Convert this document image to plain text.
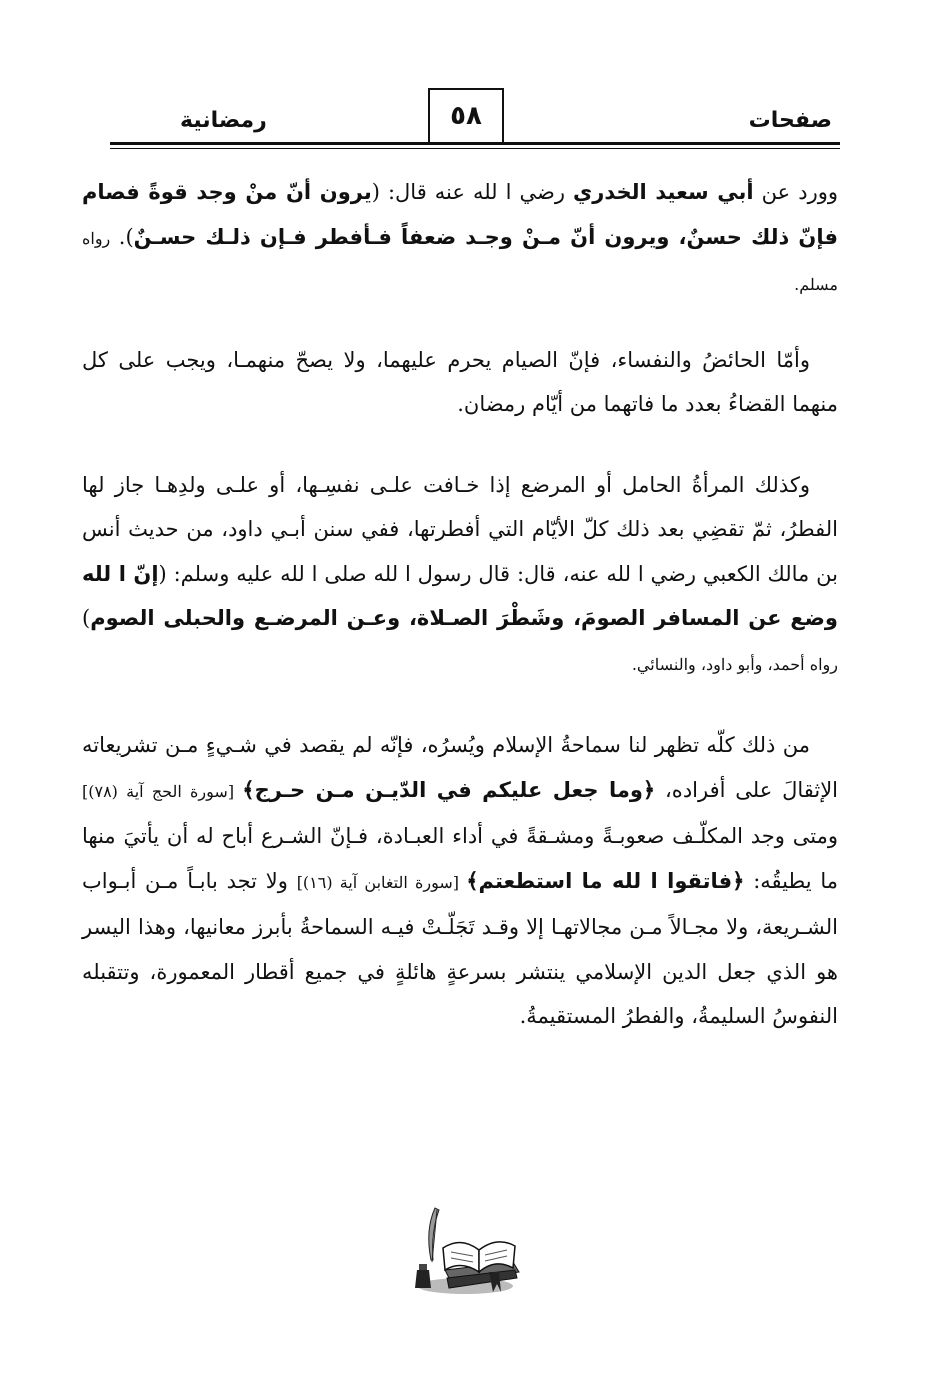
صفحات
٥٨
رمضانية

وورد عن أبي سعيد الخدري رضي ا لله عنه قال: (يرون أنّ منْ وجد قوةً فصام فإنّ ذلك حسنٌ، ويرون أنّ مـنْ وجـد ضعفاً فـأفطر فـإن ذلـك حسـنٌ). رواه مسلم.

وأمّا الحائضُ والنفساء، فإنّ الصيام يحرم عليهما، ولا يصحّ منهمـا، ويجب على كل منهما القضاءُ بعدد ما فاتهما من أيّام رمضان.

وكذلك المرأةُ الحامل أو المرضع إذا خـافت علـى نفسِـها، أو علـى ولدِهـا جاز لها الفطرُ، ثمّ تقضِي بعد ذلك كلّ الأيّام التي أفطرتها، ففي سنن أبـي داود، من حديث أنس بن مالك الكعبي رضي ا لله عنه، قال: قال رسول ا لله صلى ا لله عليه وسلم: (إنّ ا لله وضع عن المسافر الصومَ، وشَطْرَ الصـلاة، وعـن المرضـع والحبلى الصوم) رواه أحمد، وأبو داود، والنسائي.

من ذلك كلّه تظهر لنا سماحةُ الإسلام ويُسرُه، فإنّه لم يقصد في شـيءٍ مـن تشريعاته الإثقالَ على أفراده، ﴿وما جعل عليكم في الدّيـن مـن حـرج﴾ [سورة الحج آية (٧٨)] ومتى وجد المكلّـف صعوبـةً ومشـقةً في أداء العبـادة، فـإنّ الشـرع أباح له أن يأتيَ منها ما يطيقُه: ﴿فاتقوا ا لله ما استطعتم﴾ [سورة التغابن آية (١٦)] ولا تجد بابـاً مـن أبـواب الشـريعة، ولا مجـالاً مـن مجالاتهـا إلا وقـد تَجَلّـتْ فيـه السماحةُ بأبرز معانيها، وهذا اليسر هو الذي جعل الدين الإسلامي ينتشر بسرعةٍ هائلةٍ في جميع أقطار المعمورة، وتتقبله النفوسُ السليمةُ، والفطرُ المستقيمةُ.
